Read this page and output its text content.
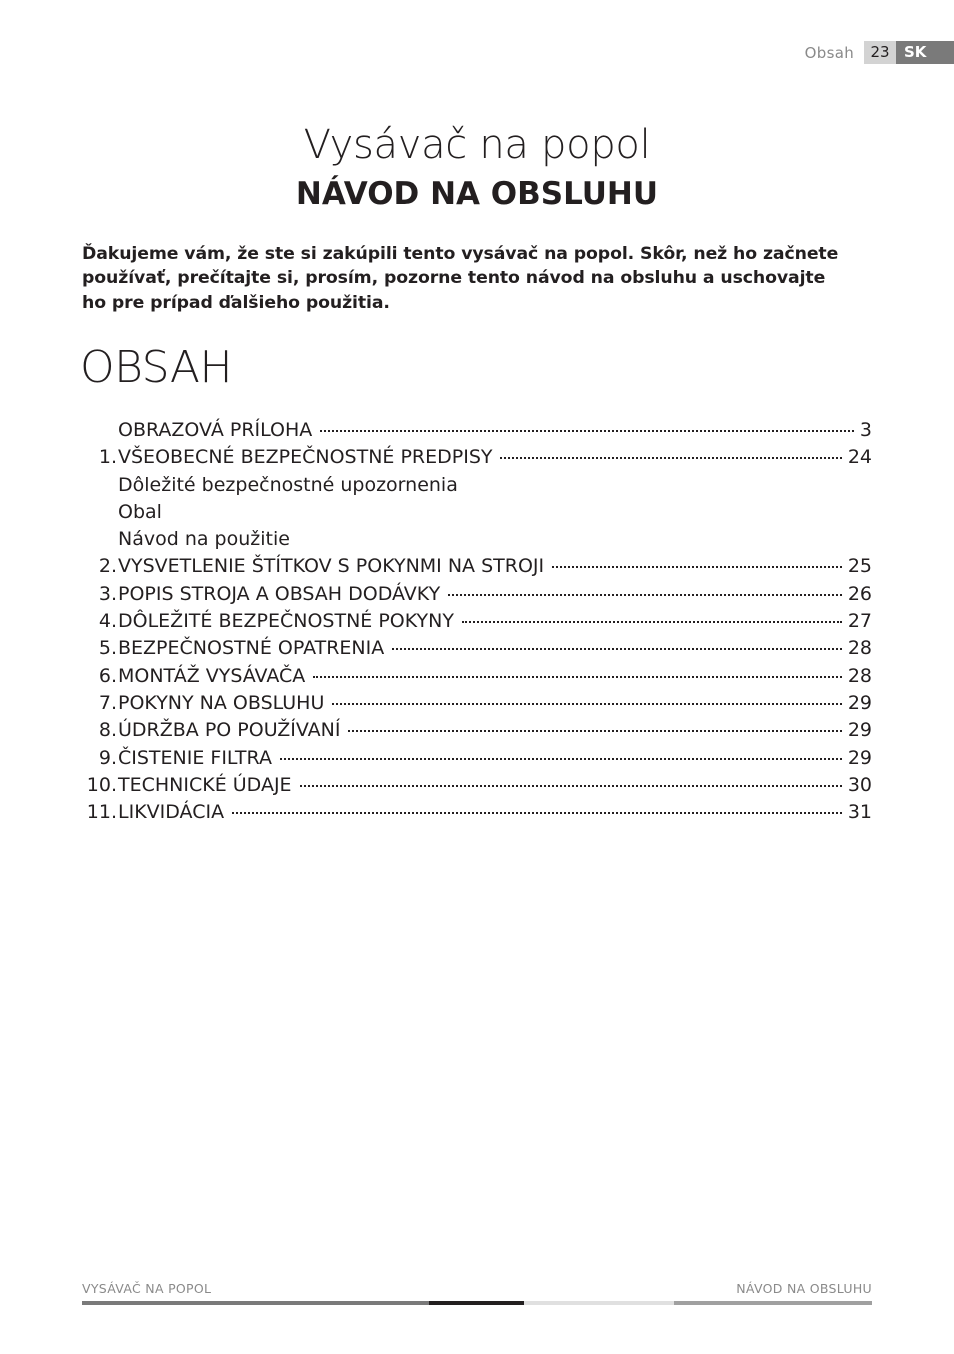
Obsah	23 SK
Vysávač na popol
NÁVOD NA OBSLUHU

Ďakujeme vám, že ste si zakúpili tento vysávač na popol. Skôr, než ho začnete

používať, prečítajte si, prosím, pozorne tento návod na obsluhu a uschovajte

ho pre prípad ďalšieho použitia.

OBSAH
OBRAZOVÁ PRÍLOHA	3
1. VŠEOBECNÉ BEZPEČNOSTNÉ PREDPISY	24
Dôležité bezpečnostné upozornenia
Obal
Návod na použitie
2. VYSVETLENIE ŠTÍTKOV S POKYNMI NA STROJI	25
3. POPIS STROJA A OBSAH DODÁVKY	26
4. DÔLEŽITÉ BEZPEČNOSTNÉ POKYNY	27
5. BEZPEČNOSTNÉ OPATRENIA	28
6. MONTÁŽ VYSÁVAČA	28
7. POKYNY NA OBSLUHU	29
8. ÚDRŽBA PO POUŽÍVANÍ	29
9. ČISTENIE FILTRA	29
10. TECHNICKÉ ÚDAJE	30
11. LIKVIDÁCIA	31
VYSÁVAČ NA POPOL	NÁVOD NA OBSLUHU
